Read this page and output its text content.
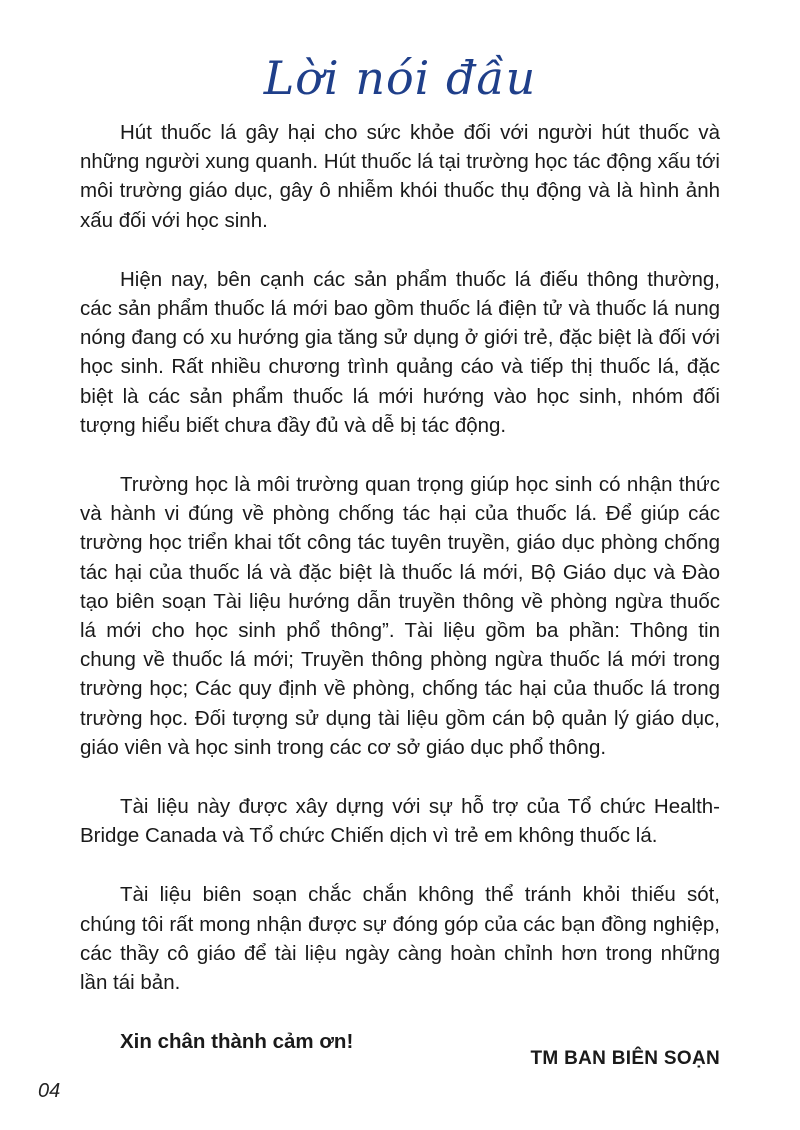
Lời nói đầu

Hút thuốc lá gây hại cho sức khỏe đối với người hút thuốc và những người xung quanh. Hút thuốc lá tại trường học tác động xấu tới môi trường giáo dục, gây ô nhiễm khói thuốc thụ động và là hình ảnh xấu đối với học sinh.

Hiện nay, bên cạnh các sản phẩm thuốc lá điếu thông thường, các sản phẩm thuốc lá mới bao gồm thuốc lá điện tử và thuốc lá nung nóng đang có xu hướng gia tăng sử dụng ở giới trẻ, đặc biệt là đối với học sinh. Rất nhiều chương trình quảng cáo và tiếp thị thuốc lá, đặc biệt là các sản phẩm thuốc lá mới hướng vào học sinh, nhóm đối tượng hiểu biết chưa đầy đủ và dễ bị tác động.

Trường học là môi trường quan trọng giúp học sinh có nhận thức và hành vi đúng về phòng chống tác hại của thuốc lá. Để giúp các trường học triển khai tốt công tác tuyên truyền, giáo dục phòng chống tác hại của thuốc lá và đặc biệt là thuốc lá mới, Bộ Giáo dục và Đào tạo biên soạn Tài liệu hướng dẫn truyền thông về phòng ngừa thuốc lá mới cho học sinh phổ thông”. Tài liệu gồm ba phần: Thông tin chung về thuốc lá mới; Truyền thông phòng ngừa thuốc lá mới trong trường học; Các quy định về phòng, chống tác hại của thuốc lá trong trường học. Đối tượng sử dụng tài liệu gồm cán bộ quản lý giáo dục, giáo viên và học sinh trong các cơ sở giáo dục phổ thông.

Tài liệu này được xây dựng với sự hỗ trợ của Tổ chức Health-Bridge Canada và Tổ chức Chiến dịch vì trẻ em không thuốc lá.

Tài liệu biên soạn chắc chắn không thể tránh khỏi thiếu sót, chúng tôi rất mong nhận được sự đóng góp của các bạn đồng nghiệp, các thầy cô giáo để tài liệu ngày càng hoàn chỉnh hơn trong những lần tái bản.

Xin chân thành cảm ơn!

TM BAN BIÊN SOẠN
04
